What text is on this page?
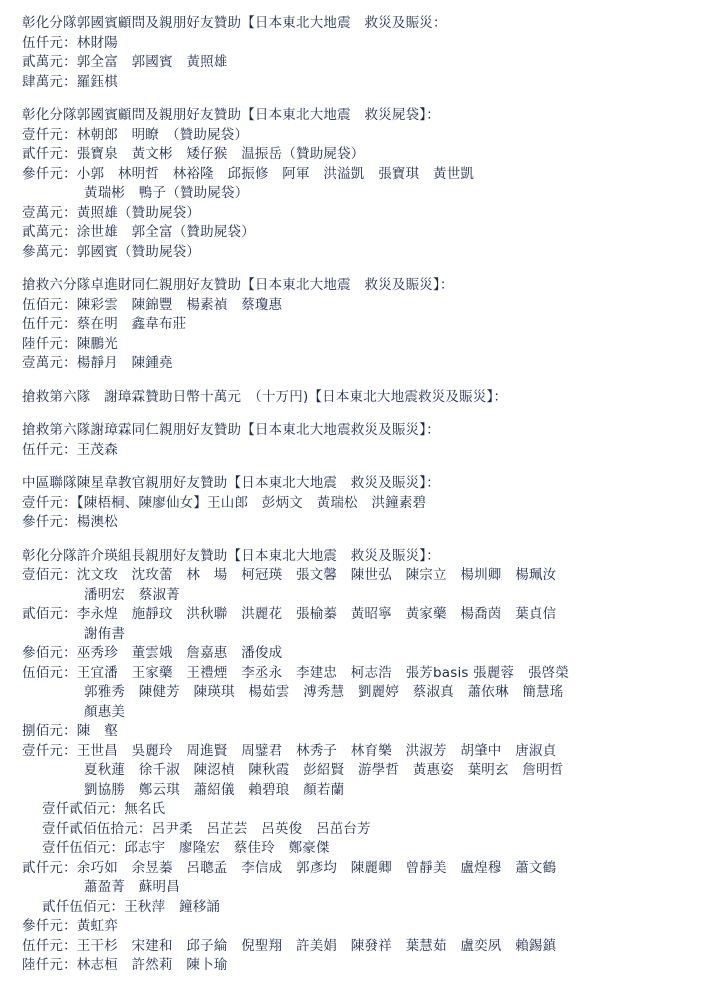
彰化分隊郭國賓顧問及親朋好友贊助【日本東北大地震　救災及賑災：
伍仟元：林財陽
貳萬元：郭全富　郭國賓　黃照雄
肆萬元：羅鈺棋
彰化分隊郭國賓顧問及親朋好友贊助【日本東北大地震　救災屍袋】：
壹仟元：林朝郎　明瞭　（贊助屍袋）
貳仟元：張寶泉　黃文彬　矮仔猴　温振岳（贊助屍袋）
參仟元：小郭　林明哲　林裕隆　邱振修　阿軍　洪溢凱　張寶琪　黃世凱
黃瑞彬　鴨子（贊助屍袋）
壹萬元：黃照雄（贊助屍袋）
貳萬元：涂世雄　郭全富（贊助屍袋）
參萬元：郭國賓（贊助屍袋）
搶救六分隊卓進財同仁親朋好友贊助【日本東北大地震　救災及賑災】：
伍佰元：陳彩雲　陳錦豐　楊素禎　蔡瓊惠
伍仟元：蔡在明　鑫韋布莊
陸仟元：陳鵬光
壹萬元：楊靜月　陳鍾堯
搶救第六隊　謝璋霖贊助日幣十萬元　（十万円)【日本東北大地震救災及賑災】：
搶救第六隊謝璋霖同仁親朋好友贊助【日本東北大地震救災及賑災】：
伍仟元：王茂森
中區聯隊陳星韋教官親朋好友贊助【日本東北大地震　救災及賑災】：
壹仟元：【陳梧桐、陳廖仙女】王山郎　彭炳文　黃瑞松　洪鐘素碧
參仟元：楊澳松
彰化分隊許介瑛組長親朋好友贊助【日本東北大地震　救災及賑災】：
壹佰元：沈文玫　沈玫蕾　林　場　柯冠瑛　張文馨　陳世弘　陳宗立　楊圳卿　楊珮汝
潘明宏　蔡淑菁
貳佰元：李永煌　施靜玟　洪秋聯　洪麗花　張榆蓁　黃昭寧　黃家藥　楊喬茵　葉貞信
謝侑書
參佰元：巫秀珍　董雲娥　詹嘉惠　潘俊成
伍佰元：王宜潘　王家藥　王禮煙　李丞永　李建忠　柯志浩　張芳basis 張麗蓉　張啓榮
郭雅秀　陳健芳　陳瑛琪　楊茹雲　溥秀慧　劉麗婷　蔡淑真　蕭依琳　簡慧瑤
顏惠美
捌佰元：陳　壑
壹仟元：王世昌　吳麗玲　周進賢　周鐾君　林秀子　林育樂　洪淑芳　胡肇中　唐淑貞
夏秋蓮　徐千淑　陳涊楨　陳秋霞　彭紹賢　游學哲　黃惠姿　葉明玄　詹明哲
劉協勝　鄭云琪　蕭紹儀　賴碧琅　顏若蘭
壹仟貳佰元：無名氏
壹仟貳佰伍拾元：呂尹柔　呂芷芸　呂英俊　呂茁台芳
壹仟伍佰元：邱志宇　廖隆宏　蔡佳玲　鄭豪傑
貳仟元：余巧如　余昱蓁　呂聰孟　李信成　郭彥均　陳麗卿　曾靜美　盧煌穆　蕭文鶴
蕭盈菁　蘇明昌
貳仟伍佰元：王秋萍　鐘移誦
參仟元：黃虹弈
伍仟元：王干杉　宋建和　邱子綸　倪聖翔　許美娟　陳發祥　葉慧茹　盧奕夙　賴錫鎮
陸仟元：林志桓　許然莉　陳卜瑜
